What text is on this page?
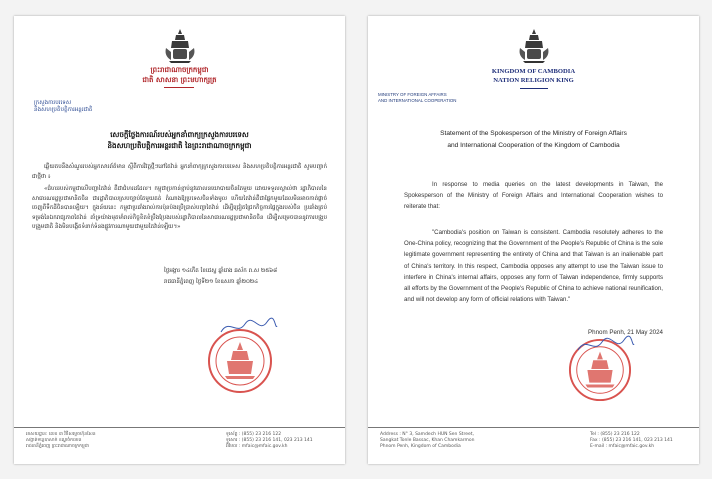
ព្រះរាជាណាចក្រកម្ពុជា
ជាតិ សាសនា ព្រះមហាក្សត្រ
ក្រសួងការបរទេស
និងសហប្រតិបត្តិការអន្តរជាតិ
សេចក្តីថ្លែងការណ៍របស់អ្នកនាំពាក្យក្រសួងការបរទេស
និងសហប្រតិបត្តិការអន្តរជាតិ នៃព្រះរាជាណាចក្រកម្ពុជា
ឆ្លើយតបនឹងសំណួររបស់អ្នកសារព័ត៌មាន ស្តីពីការវិវត្តថ្មីៗនៅតៃវ៉ាន់ អ្នកនាំពាក្យក្រសួងការបរទេស និងសហប្រតិបត្តិការអន្តរជាតិ សូមបញ្ជាក់ជាថ្មីថា ៖
«ជំហររបស់កម្ពុជាលើបញ្ហាតៃវ៉ាន់ គឺជាជំហរដដែល។ កម្ពុជាប្រកាន់ខ្ជាប់នូវគោលនយោបាយចិនតែមួយ ដោយទទួលស្គាល់ថា រដ្ឋាភិបាលនៃសាធារណរដ្ឋប្រជាមានិតចិន ជារដ្ឋាភិបាលស្របច្បាប់តែមួយគត់ តំណាងឱ្យប្រទេសចិនទាំងមូល ហើយតៃវ៉ាន់គឺជាផ្នែកមួយដែលមិនអាចកាត់ផ្តាច់ចេញពីទឹកដីចិនបានឡើយ។ ក្នុងន័យនេះ កម្ពុជាប្រឆាំងរាល់ការប៉ុនប៉ងប្រើប្រាស់បញ្ហាតៃវ៉ាន់ ដើម្បីជ្រៀតជ្រែកកិច្ចការផ្ទៃក្នុងរបស់ចិន ប្រឆាំងគ្រប់ទម្រង់នៃឯករាជ្យភាពតៃវ៉ាន់ គាំទ្រយ៉ាងមុតមាំរាល់កិច្ចខិតខំប្រឹងប្រែងរបស់រដ្ឋាភិបាលនៃសាធារណរដ្ឋប្រជាមានិតចិន ដើម្បីសម្រេចបាននូវការបង្រួបបង្រួមជាតិ និងមិនបង្កើតទំនាក់ទំនងផ្លូវការណាមួយជាមួយតៃវ៉ាន់ឡើយ។»
ថ្ងៃអង្គារ ១៤កើត ខែជេស្ឋ ឆ្នាំរោង ឆស័ក ព.ស ២៥៦៨
រាជធានីភ្នំពេញ ថ្ងៃទី២១ ខែឧសភា ឆ្នាំ២០២៤
អាសយដ្ឋាន: លេខ ៣ វិថីសម្តេចហ៊ុនសែន
សង្កាត់ទន្លេបាសាក់ ខណ្ឌចំការមន
រាជធានីភ្នំពេញ ព្រះរាជាណាចក្រកម្ពុជា
ទូរស័ព្ទ : (855) 23 216 122
ទូរសារ : (855) 23 216 141, 023 213 141
អ៊ីមែល : mfaic@mfaic.gov.kh
KINGDOM OF CAMBODIA
NATION RELIGION KING
MINISTRY OF FOREIGN AFFAIRS
AND INTERNATIONAL COOPERATION
Statement of the Spokesperson of the Ministry of Foreign Affairs
and International Cooperation of the Kingdom of Cambodia
In response to media queries on the latest developments in Taiwan, the Spokesperson of the Ministry of Foreign Affairs and International Cooperation wishes to reiterate that:
"Cambodia's position on Taiwan is consistent. Cambodia resolutely adheres to the One-China policy, recognizing that the Government of the People's Republic of China is the sole legitimate government representing the entirety of China and that Taiwan is an inalienable part of China's territory. In this respect, Cambodia opposes any attempt to use the Taiwan issue to interfere in China's internal affairs, opposes any form of Taiwan independence, firmly supports all efforts by the Government of the People's Republic of China to achieve national reunification, and will not develop any form of official relations with Taiwan."
Phnom Penh, 21 May 2024
Address : N° 3, Samdech HUN Sen Street,
Sangkat Tonle Bassac, Khan Chamkarmon
Phnom Penh, Kingdom of Cambodia
Tel : (855) 23 216 122
Fax : (855) 23 216 141, 023 213 141
E-mail : mfaic@mfaic.gov.kh
